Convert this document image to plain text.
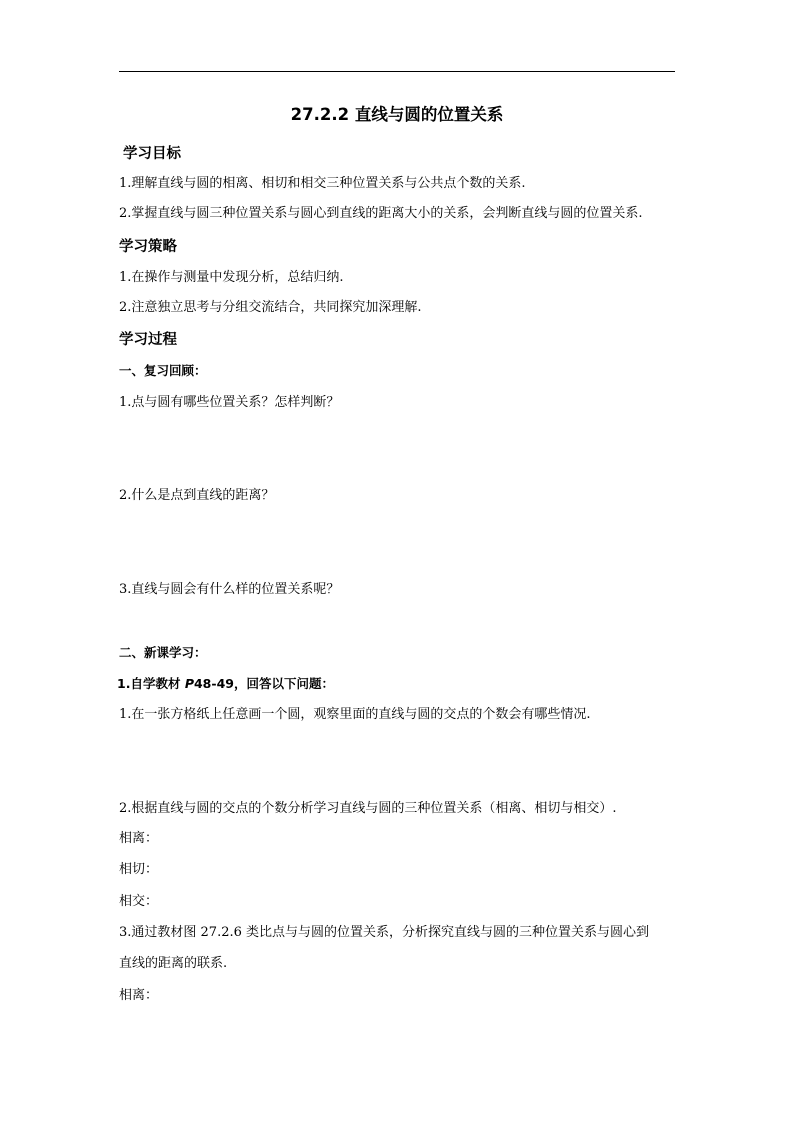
27.2.2 直线与圆的位置关系
学习目标
1.理解直线与圆的相离、相切和相交三种位置关系与公共点个数的关系.
2.掌握直线与圆三种位置关系与圆心到直线的距离大小的关系，会判断直线与圆的位置关系.
学习策略
1.在操作与测量中发现分析，总结归纳.
2.注意独立思考与分组交流结合，共同探究加深理解.
学习过程
一、复习回顾：
1.点与圆有哪些位置关系？怎样判断？
2.什么是点到直线的距离？
3.直线与圆会有什么样的位置关系呢？
二、新课学习：
1.自学教材 P48-49，回答以下问题：
1.在一张方格纸上任意画一个圆，观察里面的直线与圆的交点的个数会有哪些情况.
2.根据直线与圆的交点的个数分析学习直线与圆的三种位置关系（相离、相切与相交）.
相离：
相切：
相交：
3.通过教材图 27.2.6 类比点与与圆的位置关系，分析探究直线与圆的三种位置关系与圆心到
直线的距离的联系.
相离：
